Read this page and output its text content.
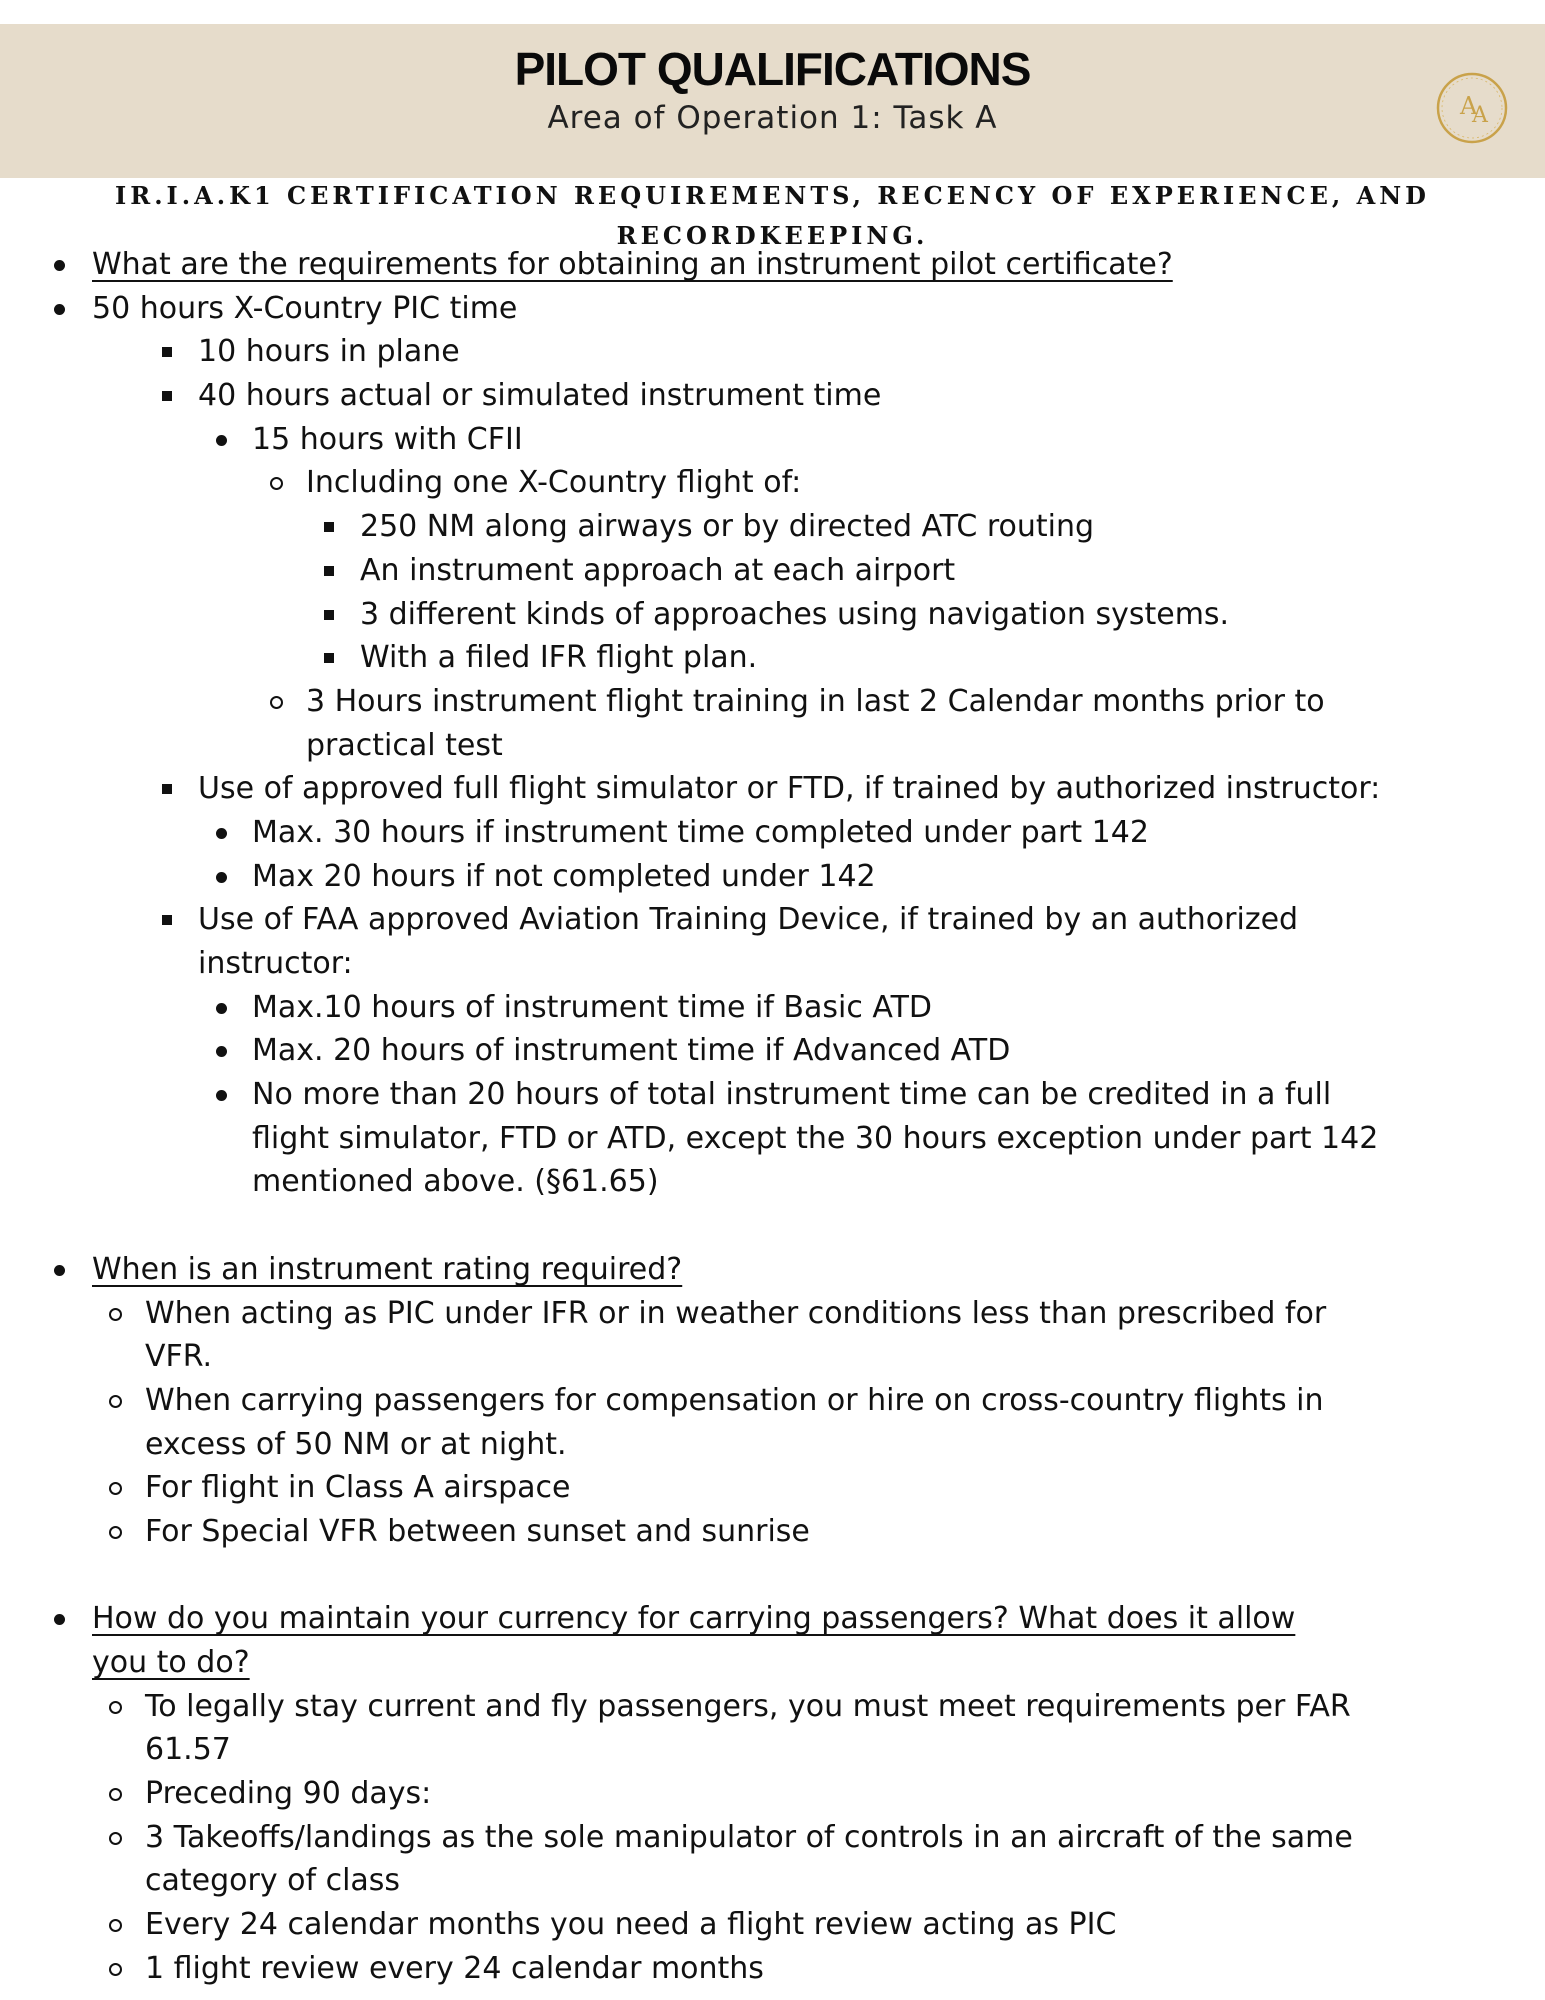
PILOT QUALIFICATIONS
Area of Operation 1: Task A	A
A
IR.I.A.K1 CERTIFICATION REQUIREMENTS, RECENCY OF EXPERIENCE, AND
RECORDKEEPING.
What are the requirements for obtaining an instrument pilot certificate?
50 hours X-Country PIC time
10 hours in plane
40 hours actual or simulated instrument time
15 hours with CFII
Including one X-Country flight of:
250 NM along airways or by directed ATC routing
An instrument approach at each airport
3 different kinds of approaches using navigation systems.
With a filed IFR flight plan.
3 Hours instrument flight training in last 2 Calendar months prior to
practical test
Use of approved full flight simulator or FTD, if trained by authorized instructor:
Max. 30 hours if instrument time completed under part 142
Max 20 hours if not completed under 142
Use of FAA approved Aviation Training Device, if trained by an authorized
instructor:
Max.10 hours of instrument time if Basic ATD
Max. 20 hours of instrument time if Advanced ATD
No more than 20 hours of total instrument time can be credited in a full
flight simulator, FTD or ATD, except the 30 hours exception under part 142
mentioned above. (§61.65)
When is an instrument rating required?
When acting as PIC under IFR or in weather conditions less than prescribed for
VFR.
When carrying passengers for compensation or hire on cross-country flights in
excess of 50 NM or at night.
For flight in Class A airspace
For Special VFR between sunset and sunrise
How do you maintain your currency for carrying passengers? What does it allow
you to do?
To legally stay current and fly passengers, you must meet requirements per FAR
61.57
Preceding 90 days:
3 Takeoffs/landings as the sole manipulator of controls in an aircraft of the same
category of class
Every 24 calendar months you need a flight review acting as PIC
1 flight review every 24 calendar months
